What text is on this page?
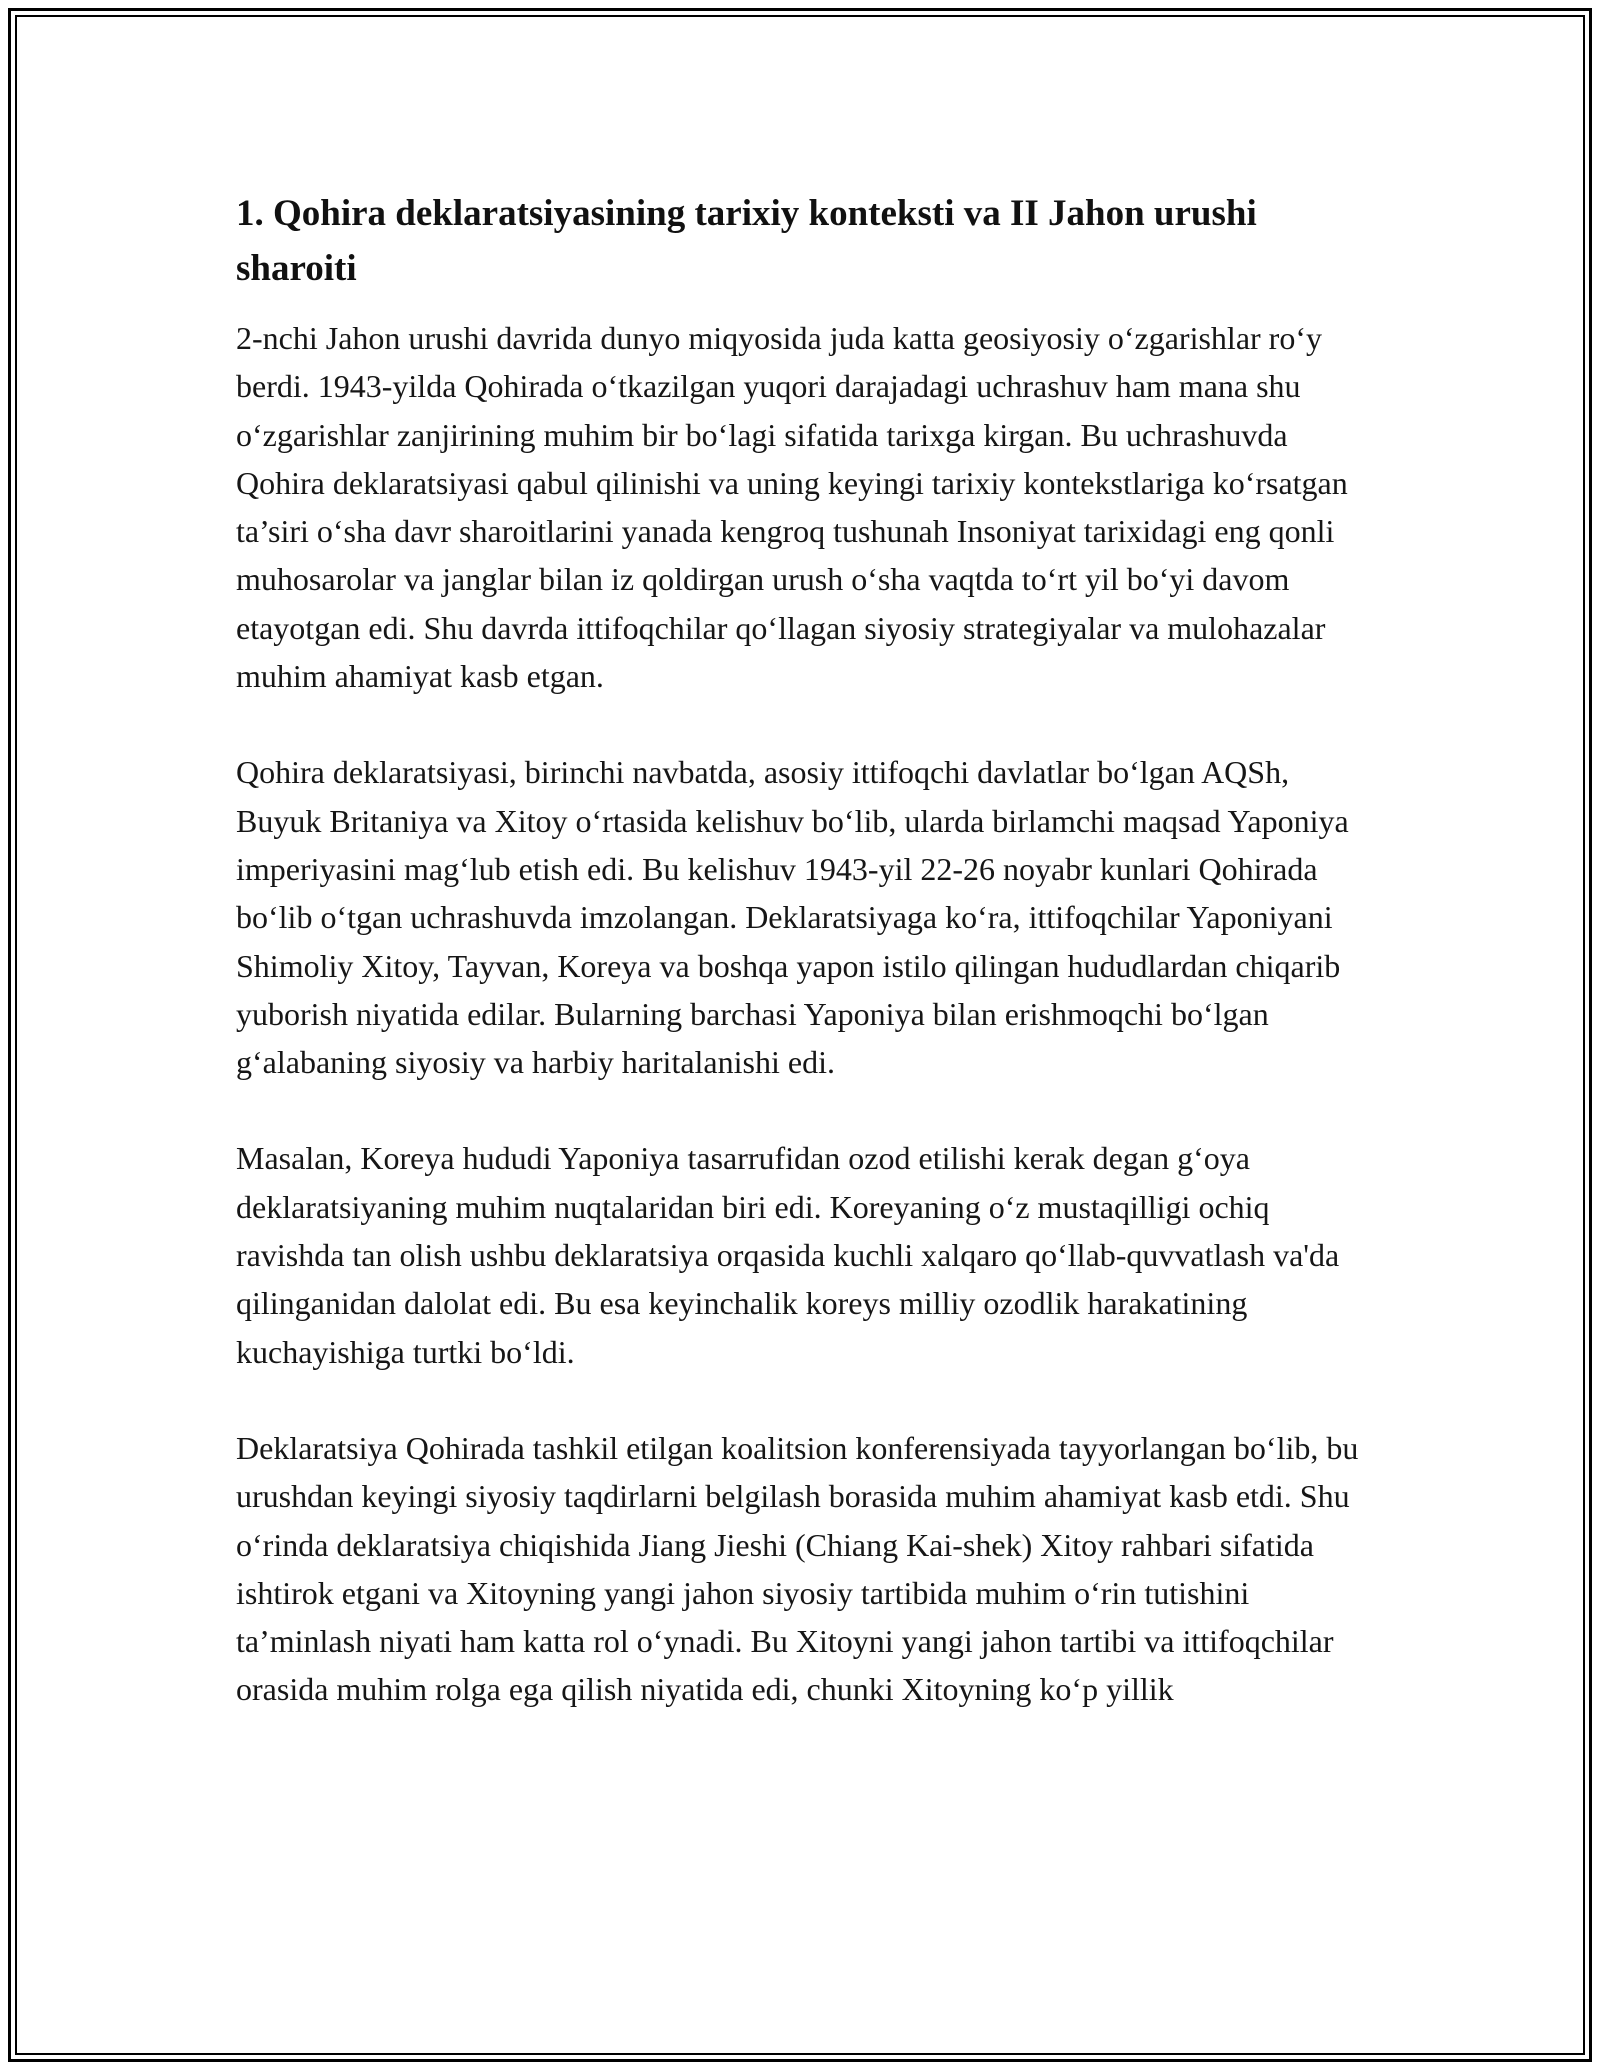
1. Qohira deklaratsiyasining tarixiy konteksti va II Jahon urushi sharoiti

2-nchi Jahon urushi davrida dunyo miqyosida juda katta geosiyosiy o‘zgarishlar ro‘y berdi. 1943-yilda Qohirada o‘tkazilgan yuqori darajadagi uchrashuv ham mana shu o‘zgarishlar zanjirining muhim bir bo‘lagi sifatida tarixga kirgan. Bu uchrashuvda Qohira deklaratsiyasi qabul qilinishi va uning keyingi tarixiy kontekstlariga ko‘rsatgan ta’siri o‘sha davr sharoitlarini yanada kengroq tushunah Insoniyat tarixidagi eng qonli muhosarolar va janglar bilan iz qoldirgan urush o‘sha vaqtda to‘rt yil bo‘yi davom etayotgan edi. Shu davrda ittifoqchilar qo‘llagan siyosiy strategiyalar va mulohazalar muhim ahamiyat kasb etgan.

Qohira deklaratsiyasi, birinchi navbatda, asosiy ittifoqchi davlatlar bo‘lgan AQSh, Buyuk Britaniya va Xitoy o‘rtasida kelishuv bo‘lib, ularda birlamchi maqsad Yaponiya imperiyasini mag‘lub etish edi. Bu kelishuv 1943-yil 22-26 noyabr kunlari Qohirada bo‘lib o‘tgan uchrashuvda imzolangan. Deklaratsiyaga ko‘ra, ittifoqchilar Yaponiyani Shimoliy Xitoy, Tayvan, Koreya va boshqa yapon istilo qilingan hududlardan chiqarib yuborish niyatida edilar. Bularning barchasi Yaponiya bilan erishmoqchi bo‘lgan g‘alabaning siyosiy va harbiy haritalanishi edi.

Masalan, Koreya hududi Yaponiya tasarrufidan ozod etilishi kerak degan g‘oya deklaratsiyaning muhim nuqtalaridan biri edi. Koreyaning o‘z mustaqilligi ochiq ravishda tan olish ushbu deklaratsiya orqasida kuchli xalqaro qo‘llab-quvvatlash va'da qilinganidan dalolat edi. Bu esa keyinchalik koreys milliy ozodlik harakatining kuchayishiga turtki bo‘ldi.

Deklaratsiya Qohirada tashkil etilgan koalitsion konferensiyada tayyorlangan bo‘lib, bu urushdan keyingi siyosiy taqdirlarni belgilash borasida muhim ahamiyat kasb etdi. Shu o‘rinda deklaratsiya chiqishida Jiang Jieshi (Chiang Kai-shek) Xitoy rahbari sifatida ishtirok etgani va Xitoyning yangi jahon siyosiy tartibida muhim o‘rin tutishini ta’minlash niyati ham katta rol o‘ynadi. Bu Xitoyni yangi jahon tartibi va ittifoqchilar orasida muhim rolga ega qilish niyatida edi, chunki Xitoyning ko‘p yillik
